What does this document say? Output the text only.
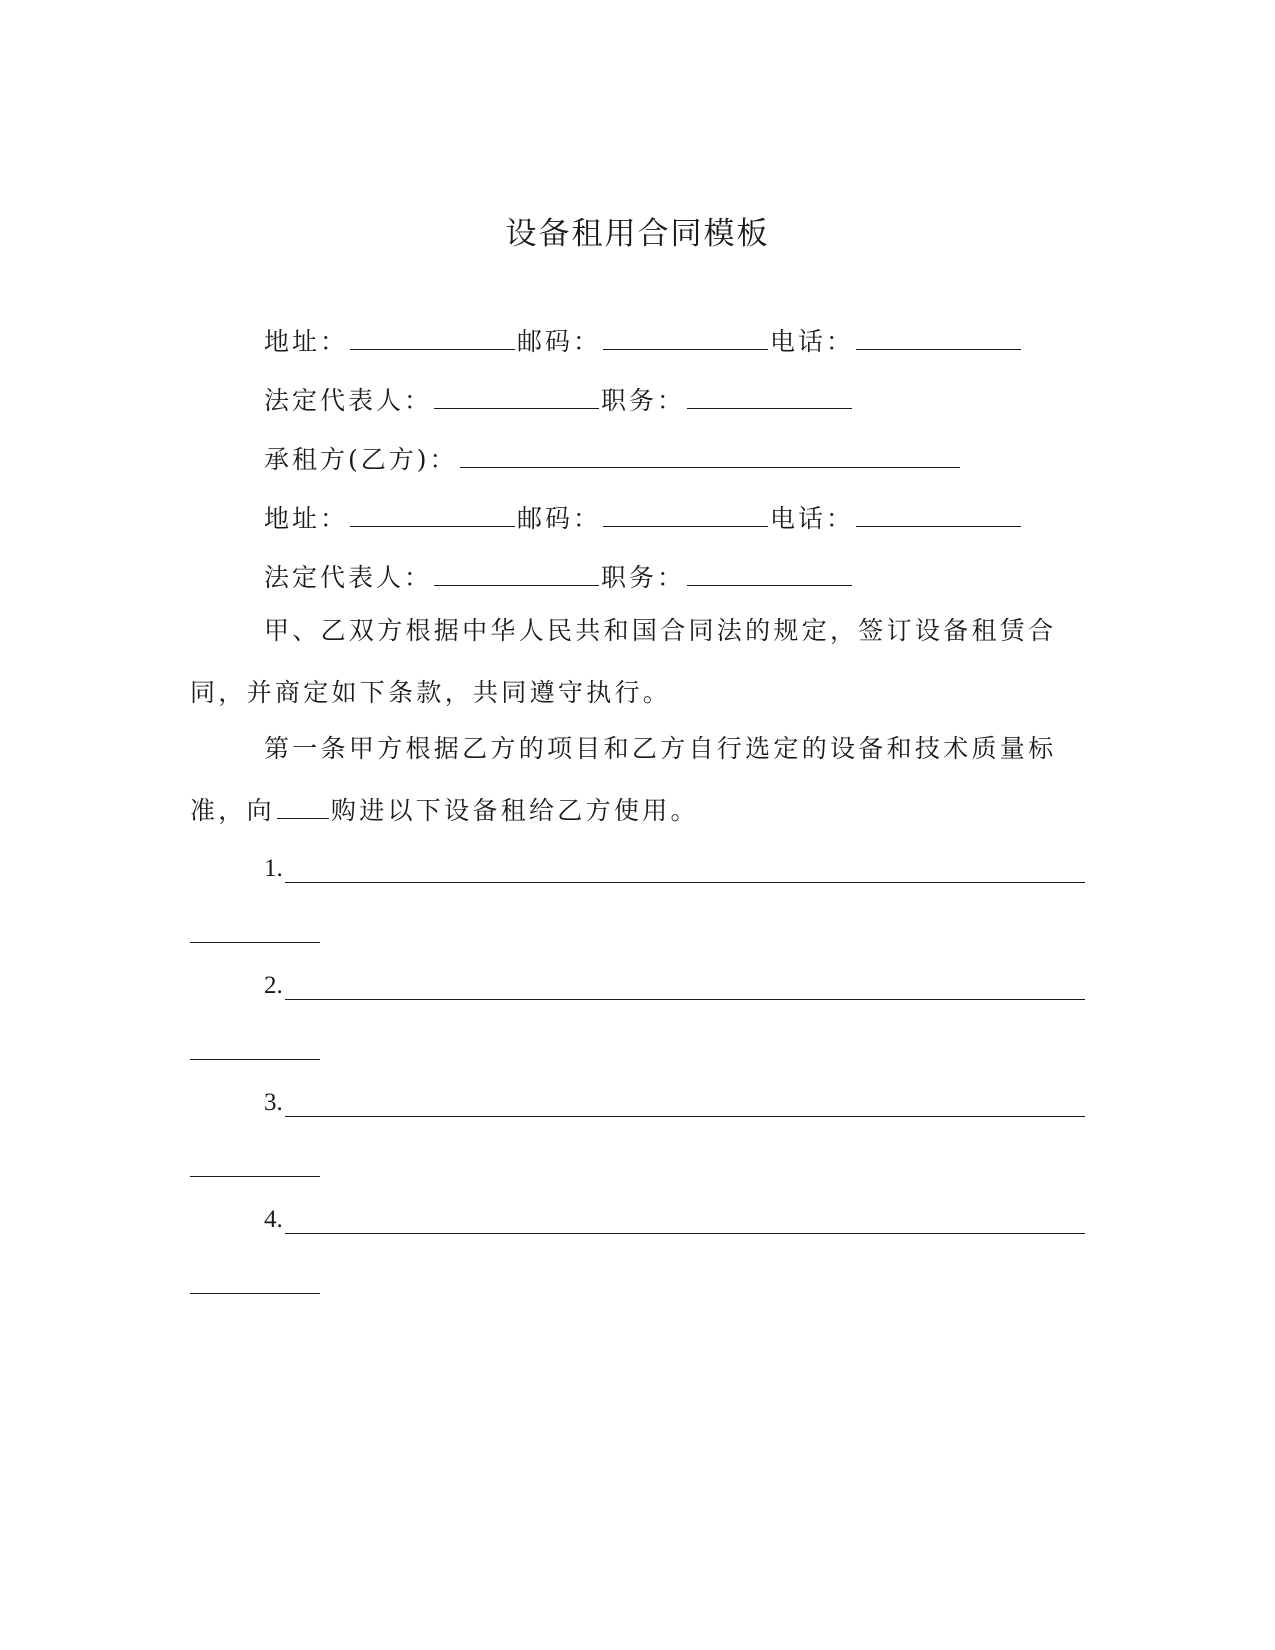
设备租用合同模板
地址：	邮码：	电话：
法定代表人：	职务：
承租方(乙方)：
地址：	邮码：	电话：
法定代表人：	职务：
甲、乙双方根据中华人民共和国合同法的规定，签订设备租赁合同，并商定如下条款，共同遵守执行。
第一条甲方根据乙方的项目和乙方自行选定的设备和技术质量标准，向 购进以下设备租给乙方使用。
1.
2.
3.
4.
